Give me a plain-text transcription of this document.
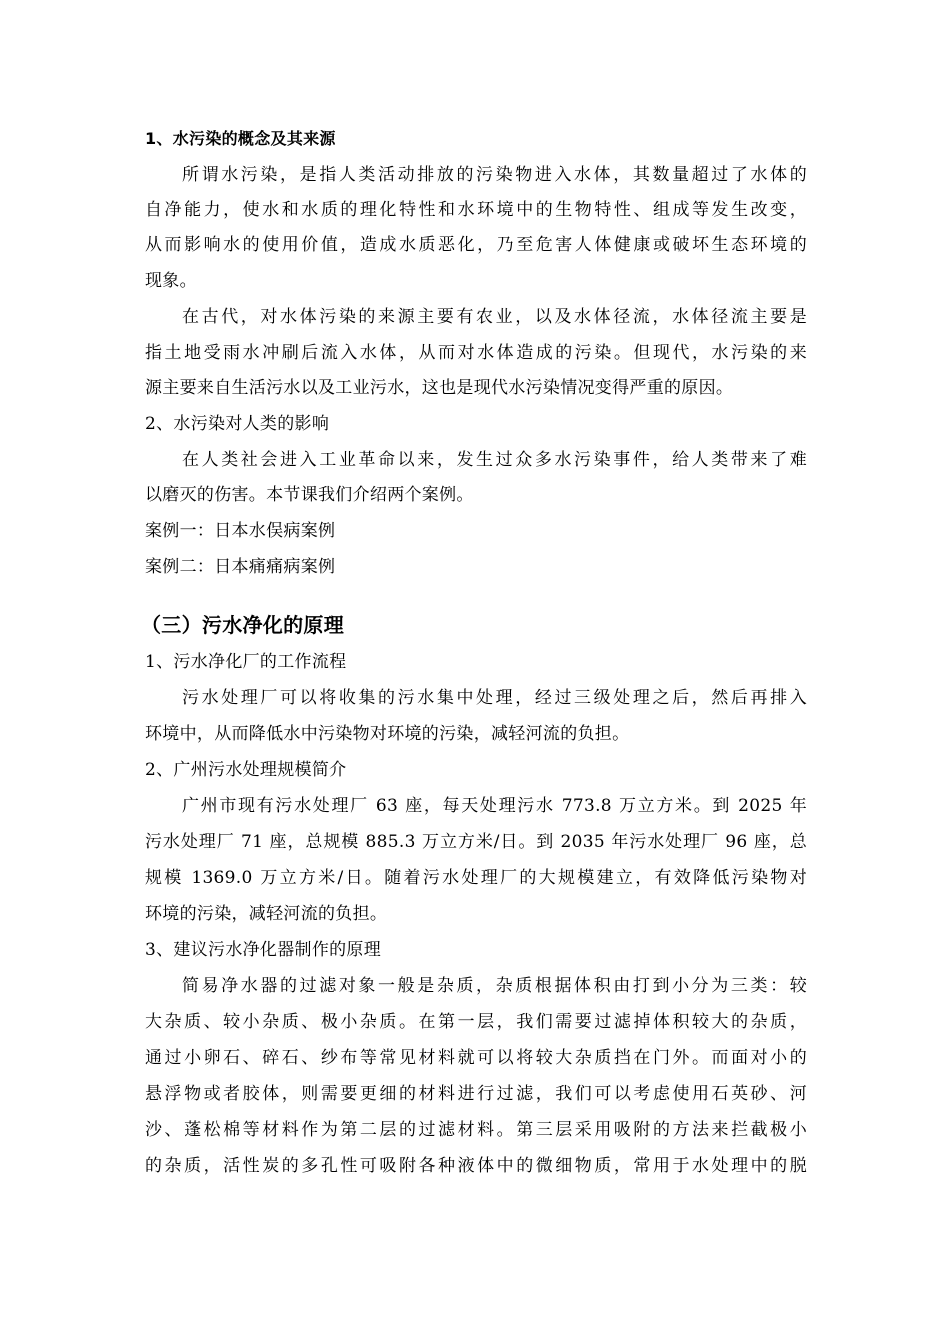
1、水污染的概念及其来源
所谓水污染，是指人类活动排放的污染物进入水体，其数量超过了水体的
自净能力，使水和水质的理化特性和水环境中的生物特性、组成等发生改变，
从而影响水的使用价值，造成水质恶化，乃至危害人体健康或破坏生态环境的
现象。
在古代，对水体污染的来源主要有农业，以及水体径流，水体径流主要是
指土地受雨水冲刷后流入水体，从而对水体造成的污染。但现代，水污染的来
源主要来自生活污水以及工业污水，这也是现代水污染情况变得严重的原因。
2、水污染对人类的影响
在人类社会进入工业革命以来，发生过众多水污染事件，给人类带来了难
以磨灭的伤害。本节课我们介绍两个案例。
案例一：日本水俣病案例
案例二：日本痛痛病案例
（三）污水净化的原理
1、污水净化厂的工作流程
污水处理厂可以将收集的污水集中处理，经过三级处理之后，然后再排入
环境中，从而降低水中污染物对环境的污染，减轻河流的负担。
2、广州污水处理规模简介
广州市现有污水处理厂 63 座，每天处理污水 773.8 万立方米。到 2025 年
污水处理厂 71 座，总规模 885.3 万立方米/日。到 2035 年污水处理厂 96 座，总
规模 1369.0 万立方米/日。随着污水处理厂的大规模建立，有效降低污染物对
环境的污染，减轻河流的负担。
3、建议污水净化器制作的原理
简易净水器的过滤对象一般是杂质，杂质根据体积由打到小分为三类：较
大杂质、较小杂质、极小杂质。在第一层，我们需要过滤掉体积较大的杂质，
通过小卵石、碎石、纱布等常见材料就可以将较大杂质挡在门外。而面对小的
悬浮物或者胶体，则需要更细的材料进行过滤，我们可以考虑使用石英砂、河
沙、蓬松棉等材料作为第二层的过滤材料。第三层采用吸附的方法来拦截极小
的杂质，活性炭的多孔性可吸附各种液体中的微细物质，常用于水处理中的脱
